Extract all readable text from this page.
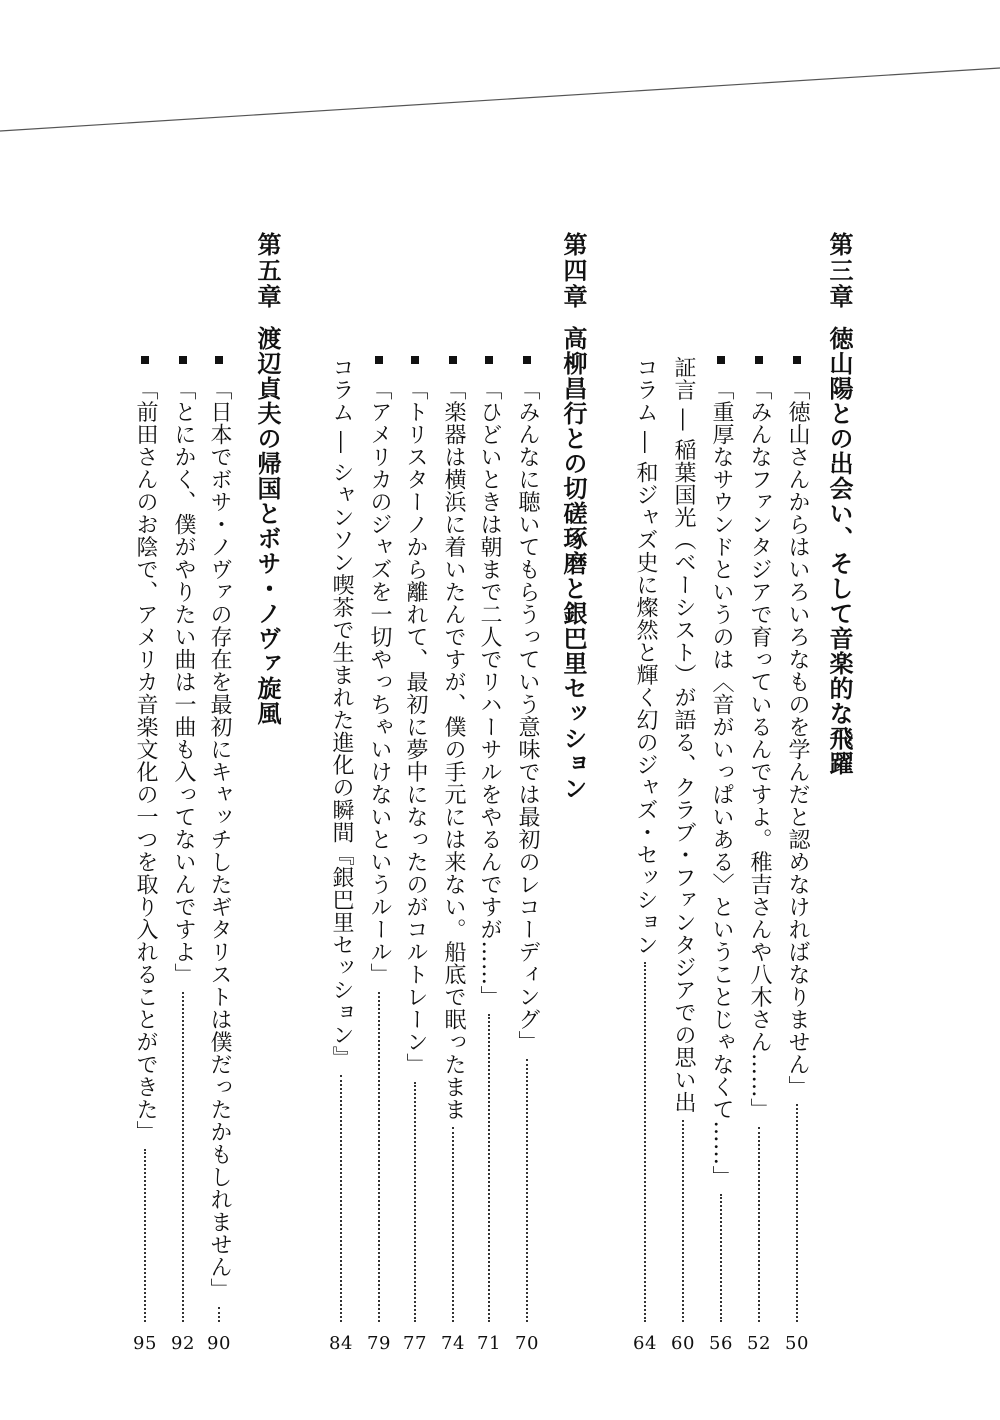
第三章
徳山陽との出会い、そして音楽的な飛躍
「徳山さんからはいろいろなものを学んだと認めなければなりません」
50
「みんなファンタジアで育っているんですよ。稚吉さんや八木さん……」
52
「重厚なサウンドというのは〈音がいっぱいある〉ということじゃなくて……」
56
証言 ― 稲葉国光（ベーシスト）が語る、クラブ・ファンタジアでの思い出
60
コラム ― 和ジャズ史に燦然と輝く幻のジャズ・セッション
64
第四章
高柳昌行との切磋琢磨と銀巴里セッション
「みんなに聴いてもらうっていう意味では最初のレコーディング」
70
「ひどいときは朝まで二人でリハーサルをやるんですが……」
71
「楽器は横浜に着いたんですが、僕の手元には来ない。船底で眠ったまま
74
「トリスターノから離れて、最初に夢中になったのがコルトレーン」
77
「アメリカのジャズを一切やっちゃいけないというルール」
79
コラム ― シャンソン喫茶で生まれた進化の瞬間『銀巴里セッション』
84
第五章
渡辺貞夫の帰国とボサ・ノヴァ旋風
「日本でボサ・ノヴァの存在を最初にキャッチしたギタリストは僕だったかもしれません」
90
「とにかく、僕がやりたい曲は一曲も入ってないんですよ」
92
「前田さんのお陰で、アメリカ音楽文化の一つを取り入れることができた」
95
